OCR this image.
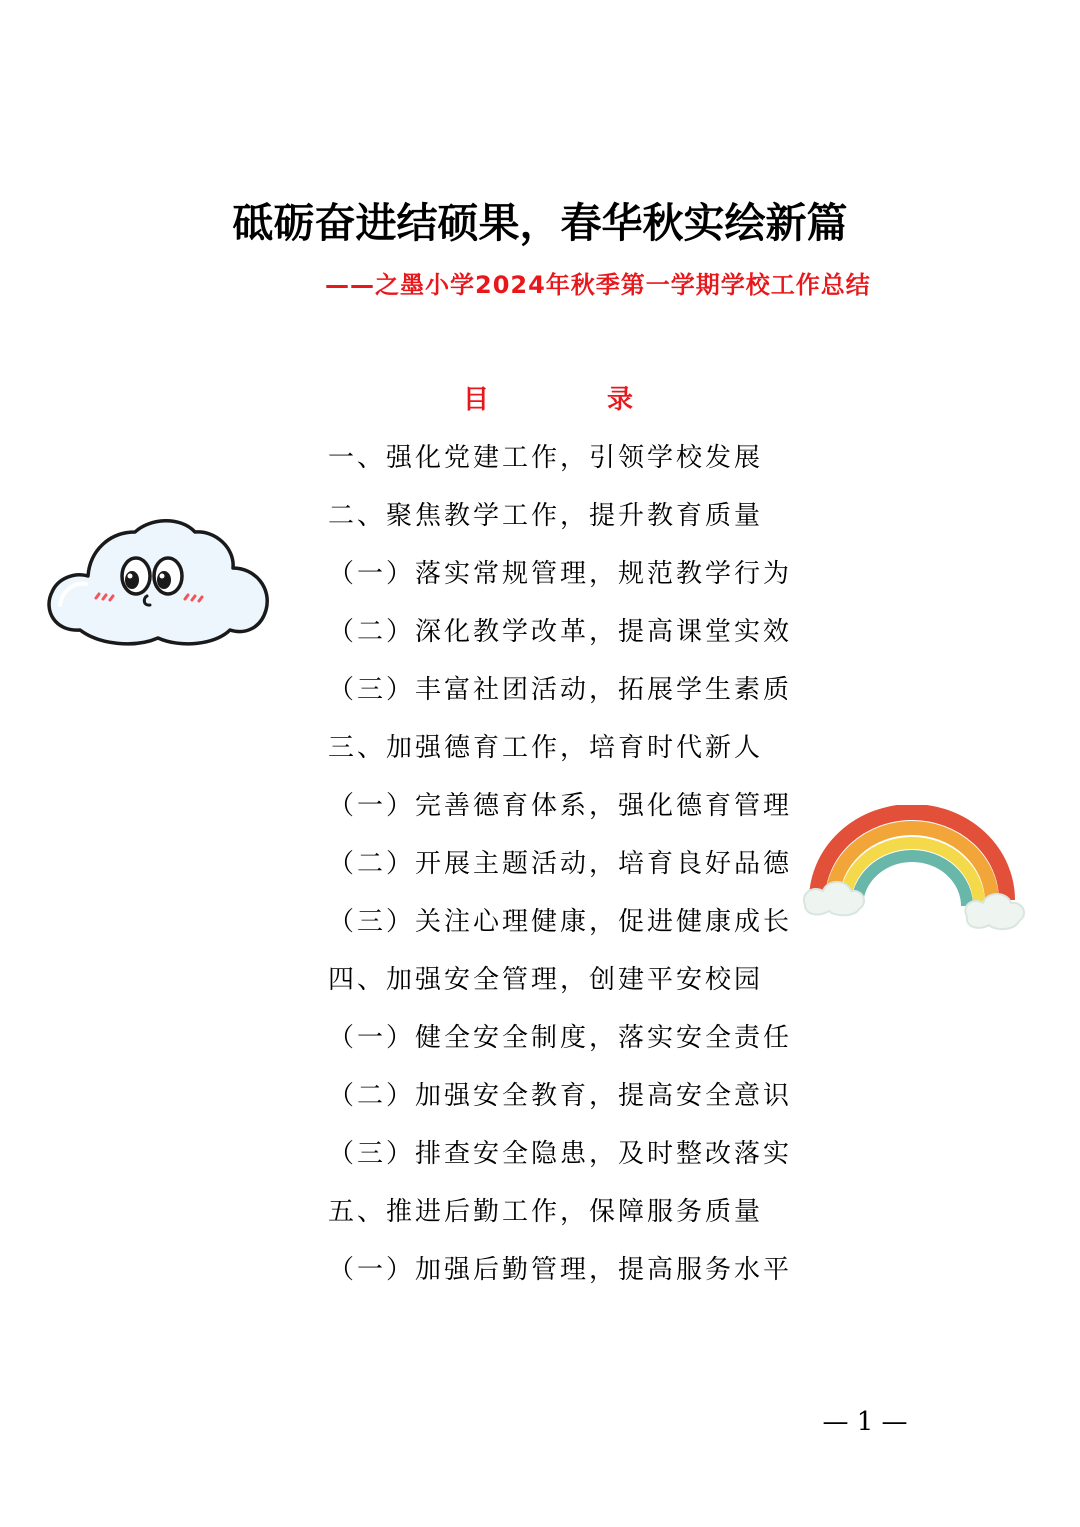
砥砺奋进结硕果，春华秋实绘新篇
——之墨小学2024年秋季第一学期学校工作总结
目	录
一、强化党建工作，引领学校发展
二、聚焦教学工作，提升教育质量
（一）落实常规管理，规范教学行为
（二）深化教学改革，提高课堂实效
（三）丰富社团活动，拓展学生素质
三、加强德育工作，培育时代新人
（一）完善德育体系，强化德育管理
（二）开展主题活动，培育良好品德
（三）关注心理健康，促进健康成长
四、加强安全管理，创建平安校园
（一）健全安全制度，落实安全责任
（二）加强安全教育，提高安全意识
（三）排查安全隐患，及时整改落实
五、推进后勤工作，保障服务质量
（一）加强后勤管理，提高服务水平
— 1 —
